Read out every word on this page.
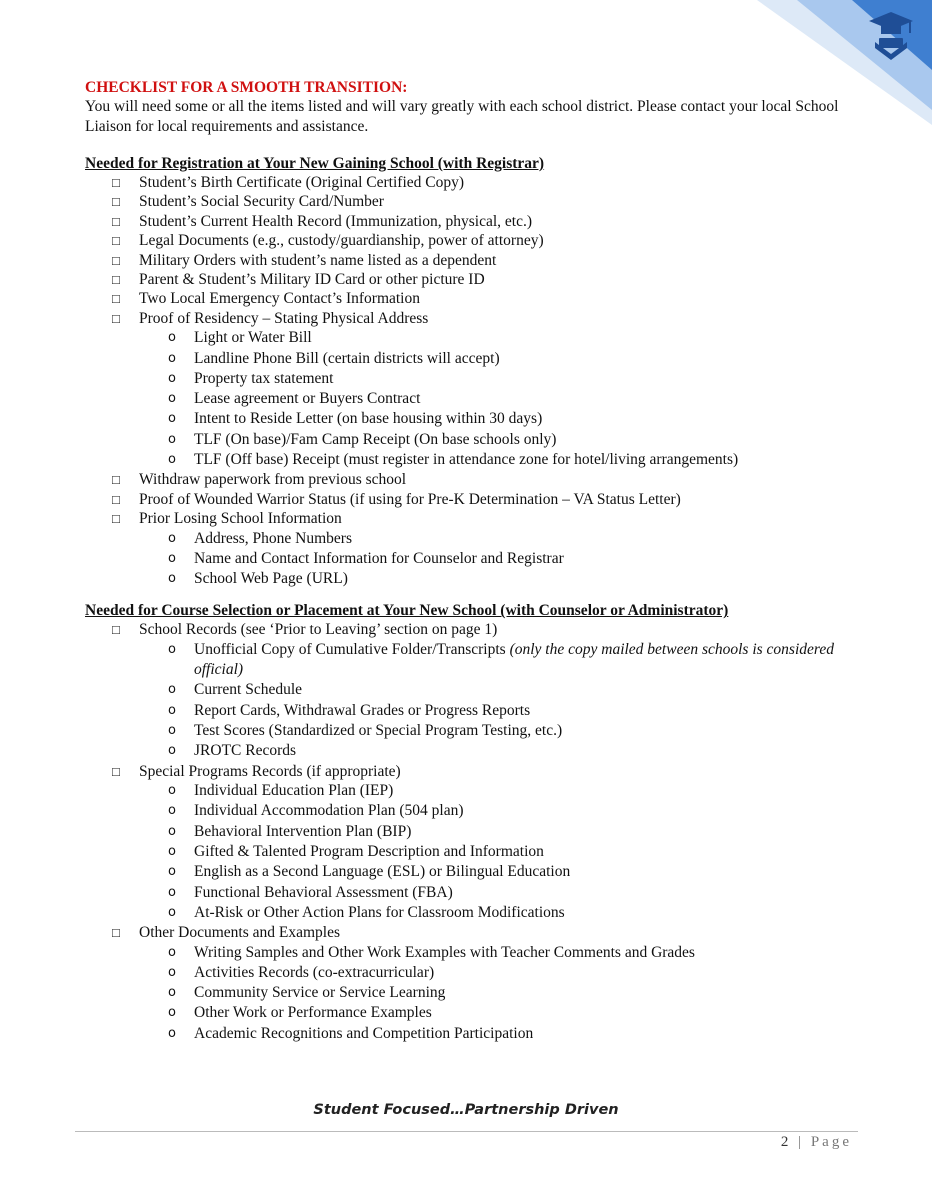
CHECKLIST FOR A SMOOTH TRANSITION:

You will need some or all the items listed and will vary greatly with each school district. Please contact your local School Liaison for local requirements and assistance.

Needed for Registration at Your New Gaining School (with Registrar)
□ Student’s Birth Certificate (Original Certified Copy)
□ Student’s Social Security Card/Number
□ Student’s Current Health Record (Immunization, physical, etc.)
□ Legal Documents (e.g., custody/guardianship, power of attorney)
□ Military Orders with student’s name listed as a dependent
□ Parent & Student’s Military ID Card or other picture ID
□ Two Local Emergency Contact’s Information
□ Proof of Residency – Stating Physical Address
o Light or Water Bill
o Landline Phone Bill (certain districts will accept)
o Property tax statement
o Lease agreement or Buyers Contract
o Intent to Reside Letter (on base housing within 30 days)
o TLF (On base)/Fam Camp Receipt (On base schools only)
o TLF (Off base) Receipt (must register in attendance zone for hotel/living arrangements)
□ Withdraw paperwork from previous school
□ Proof of Wounded Warrior Status (if using for Pre-K Determination – VA Status Letter)
□ Prior Losing School Information
o Address, Phone Numbers
o Name and Contact Information for Counselor and Registrar
o School Web Page (URL)
Needed for Course Selection or Placement at Your New School (with Counselor or Administrator)
□ School Records (see ‘Prior to Leaving’ section on page 1)
o Unofficial Copy of Cumulative Folder/Transcripts (only the copy mailed between schools is considered official)
o Current Schedule
o Report Cards, Withdrawal Grades or Progress Reports
o Test Scores (Standardized or Special Program Testing, etc.)
o JROTC Records
□ Special Programs Records (if appropriate)
o Individual Education Plan (IEP)
o Individual Accommodation Plan (504 plan)
o Behavioral Intervention Plan (BIP)
o Gifted & Talented Program Description and Information
o English as a Second Language (ESL) or Bilingual Education
o Functional Behavioral Assessment (FBA)
o At-Risk or Other Action Plans for Classroom Modifications
□ Other Documents and Examples
o Writing Samples and Other Work Examples with Teacher Comments and Grades
o Activities Records (co-extracurricular)
o Community Service or Service Learning
o Other Work or Performance Examples
o Academic Recognitions and Competition Participation
Student Focused…Partnership Driven
2 | Page
